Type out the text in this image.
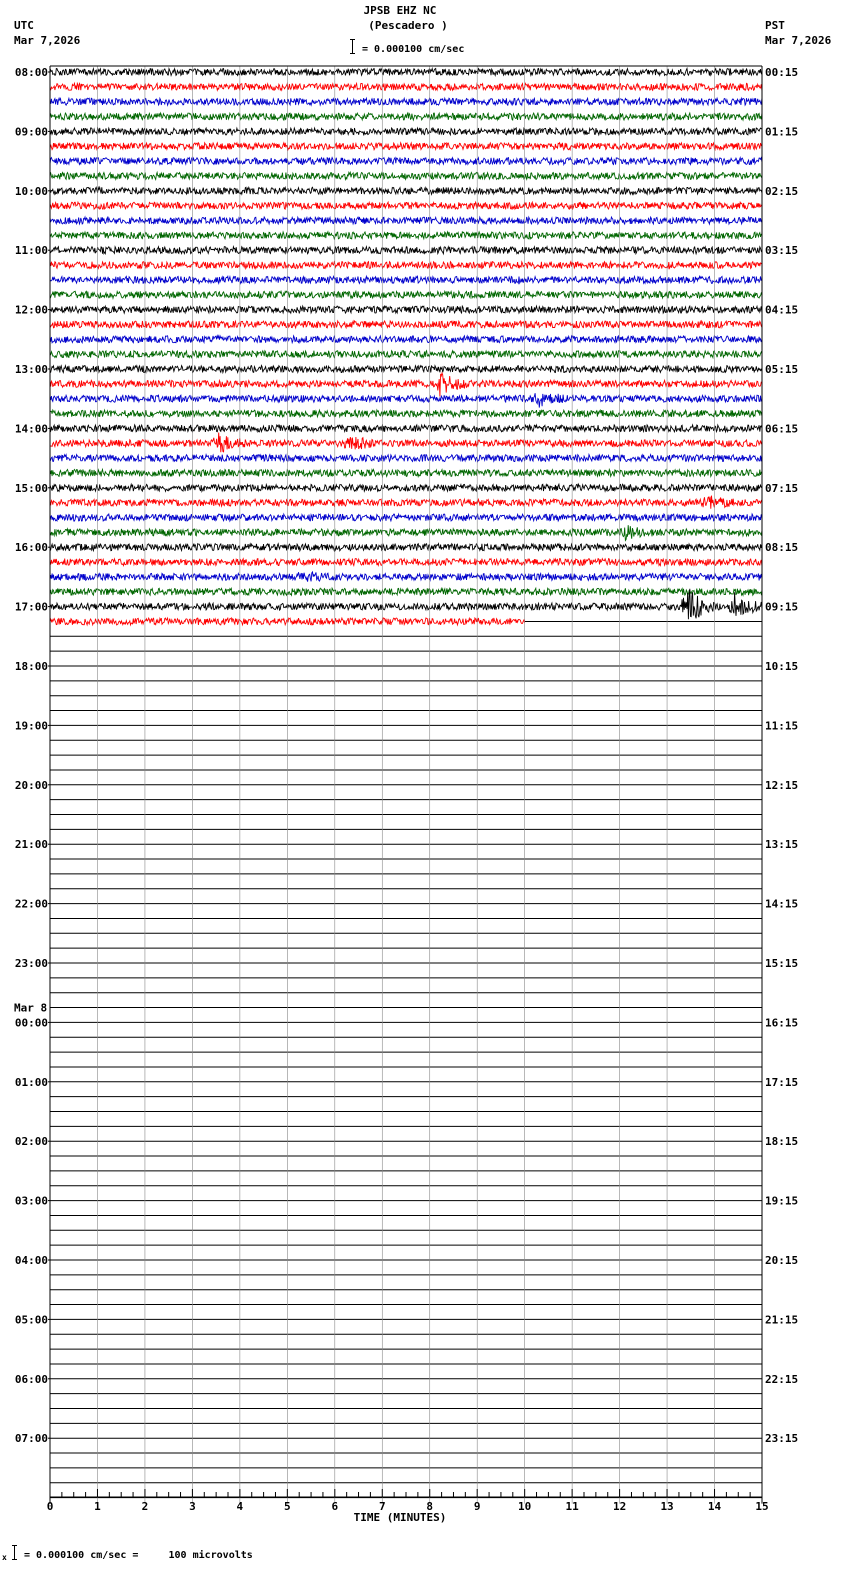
JPSB EHZ NC
(Pescadero )
UTC
Mar 7,2026
PST
Mar 7,2026
= 0.000100 cm/sec
08:00
09:00
10:00
11:00
12:00
13:00
14:00
15:00
16:00
17:00
18:00
19:00
20:00
21:00
22:00
23:00
00:00
01:00
02:00
03:00
04:00
05:00
06:00
07:00
Mar 8
00:15
01:15
02:15
03:15
04:15
05:15
06:15
07:15
08:15
09:15
10:15
11:15
12:15
13:15
14:15
15:15
16:15
17:15
18:15
19:15
20:15
21:15
22:15
23:15
0	1	2	3	4	5	6	7	8	9	10	11	12	13	14	15
TIME (MINUTES)
x = 0.000100 cm/sec =     100 microvolts
